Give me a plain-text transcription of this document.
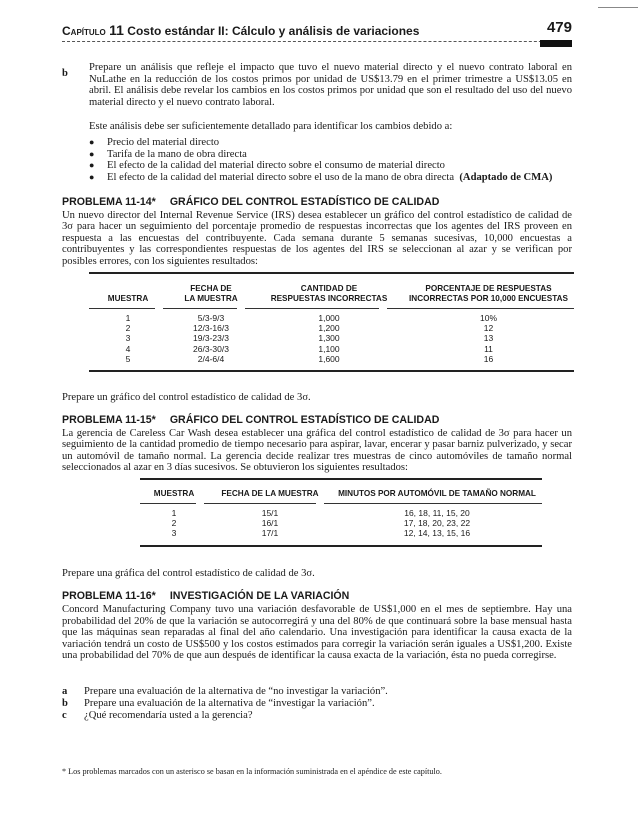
Capítulo 11 Costo estándar II: Cálculo y análisis de variaciones	479
b
Prepare un análisis que refleje el impacto que tuvo el nuevo material directo y el nuevo contrato laboral en NuLathe en la reducción de los costos primos por unidad de US$13.79 en el primer trimestre a US$13.05 en abril. El análisis debe revelar los cambios en los costos primos por unidad que son el resultado del uso del nuevo material directo y el nuevo contrato laboral.
Este análisis debe ser suficientemente detallado para identificar los cambios debido a:
● Precio del material directo
● Tarifa de la mano de obra directa
● El efecto de la calidad del material directo sobre el consumo de material directo
● El efecto de la calidad del material directo sobre el uso de la mano de obra directa (Adaptado de CMA)
PROBLEMA 11-14* GRÁFICO DEL CONTROL ESTADÍSTICO DE CALIDAD
Un nuevo director del Internal Revenue Service (IRS) desea establecer un gráfico del control estadístico de calidad de 3σ para hacer un seguimiento del porcentaje promedio de respuestas incorrectas que los agentes del IRS proveen en respuesta a las encuestas del contribuyente. Cada semana durante 5 semanas sucesivas, 10,000 encuestas a contribuyentes y las correspondientes respuestas de los agentes del IRS se seleccionan al azar y se verifican por posibles errores, con los siguientes resultados:
	FECHA DE	CANTIDAD DE	PORCENTAJE DE RESPUESTAS
MUESTRA	LA MUESTRA	RESPUESTAS INCORRECTAS	INCORRECTAS POR 10,000 ENCUESTAS

1	5/3-9/3	1,000	10%
2	12/3-16/3	1,200	12
3	19/3-23/3	1,300	13
4	26/3-30/3	1,100	11
5	2/4-6/4	1,600	16
Prepare un gráfico del control estadístico de calidad de 3σ.
PROBLEMA 11-15* GRÁFICO DEL CONTROL ESTADÍSTICO DE CALIDAD
La gerencia de Careless Car Wash desea establecer una gráfica del control estadístico de calidad de 3σ para hacer un seguimiento de la cantidad promedio de tiempo necesario para aspirar, lavar, encerar y pasar barniz pulverizado, y secar un automóvil de tamaño normal. La gerencia decide realizar tres muestras de cinco automóviles de tamaño normal seleccionados al azar en 3 días sucesivos. Se obtuvieron los siguientes resultados:
MUESTRA	FECHA DE LA MUESTRA	MINUTOS POR AUTOMÓVIL DE TAMAÑO NORMAL

1	15/1	16, 18, 11, 15, 20
2	16/1	17, 18, 20, 23, 22
3	17/1	12, 14, 13, 15, 16
Prepare una gráfica del control estadístico de calidad de 3σ.
PROBLEMA 11-16* INVESTIGACIÓN DE LA VARIACIÓN
Concord Manufacturing Company tuvo una variación desfavorable de US$1,000 en el mes de septiembre. Hay una probabilidad del 20% de que la variación se autocorregirá y una del 80% de que continuará sobre la base mensual hasta que las máquinas sean reparadas al final del año calendario. Una investigación para identificar la causa exacta de la variación tendrá un costo de US$500 y los costos estimados para corregir la variación serán iguales a US$1,200. Existe una probabilidad del 70% de que aun después de identificar la causa exacta de la variación, ésta no pueda corregirse.
a Prepare una evaluación de la alternativa de “no investigar la variación”.
b Prepare una evaluación de la alternativa de “investigar la variación”.
c ¿Qué recomendaría usted a la gerencia?
* Los problemas marcados con un asterisco se basan en la información suministrada en el apéndice de este capítulo.
